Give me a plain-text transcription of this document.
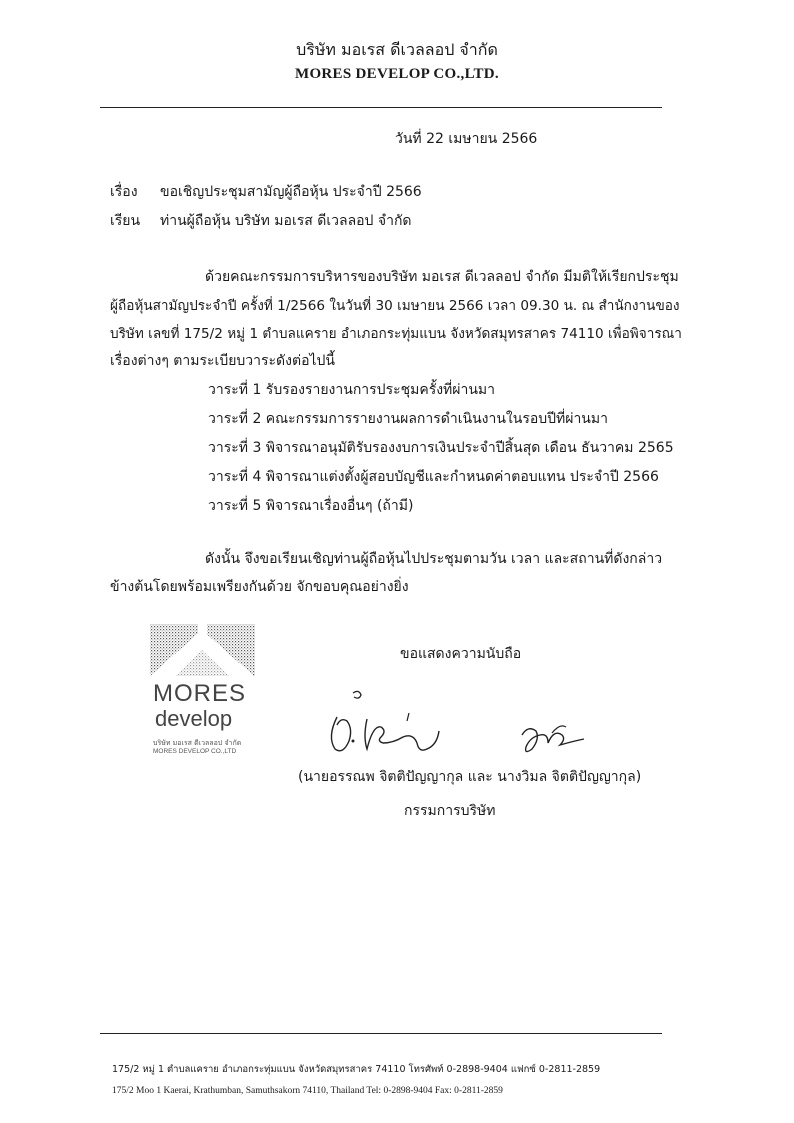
บริษัท มอเรส ดีเวลลอป จำกัด
MORES DEVELOP CO.,LTD.
วันที่ 22 เมษายน 2566
เรื่อง ขอเชิญประชุมสามัญผู้ถือหุ้น ประจำปี 2566
เรียน ท่านผู้ถือหุ้น บริษัท มอเรส ดีเวลลอป จำกัด
ด้วยคณะกรรมการบริหารของบริษัท มอเรส ดีเวลลอป จำกัด มีมติให้เรียกประชุม
ผู้ถือหุ้นสามัญประจำปี ครั้งที่ 1/2566 ในวันที่ 30 เมษายน 2566 เวลา 09.30 น. ณ สำนักงานของ
บริษัท เลขที่ 175/2 หมู่ 1 ตำบลแคราย อำเภอกระทุ่มแบน จังหวัดสมุทรสาคร 74110 เพื่อพิจารณา
เรื่องต่างๆ ตามระเบียบวาระดังต่อไปนี้
วาระที่ 1 รับรองรายงานการประชุมครั้งที่ผ่านมา
วาระที่ 2 คณะกรรมการรายงานผลการดำเนินงานในรอบปีที่ผ่านมา
วาระที่ 3 พิจารณาอนุมัติรับรองงบการเงินประจำปีสิ้นสุด เดือน ธันวาคม 2565
วาระที่ 4 พิจารณาแต่งตั้งผู้สอบบัญชีและกำหนดค่าตอบแทน ประจำปี 2566
วาระที่ 5 พิจารณาเรื่องอื่นๆ (ถ้ามี)
ดังนั้น จึงขอเรียนเชิญท่านผู้ถือหุ้นไปประชุมตามวัน เวลา และสถานที่ดังกล่าว
ข้างต้นโดยพร้อมเพรียงกันด้วย จักขอบคุณอย่างยิ่ง
MORES
develop
บริษัท มอเรส ดีเวลลอป จำกัด
MORES DEVELOP CO.,LTD
ขอแสดงความนับถือ
(นายอรรณพ จิตติปัญญากุล และ นางวิมล จิตติปัญญากุล)
กรรมการบริษัท
175/2 หมู่ 1 ตำบลแคราย อำเภอกระทุ่มแบน จังหวัดสมุทรสาคร 74110 โทรศัพท์ 0-2898-9404 แฟกซ์ 0-2811-2859
175/2 Moo 1 Kaerai, Krathumban, Samuthsakorn 74110, Thailand Tel: 0-2898-9404 Fax: 0-2811-2859
